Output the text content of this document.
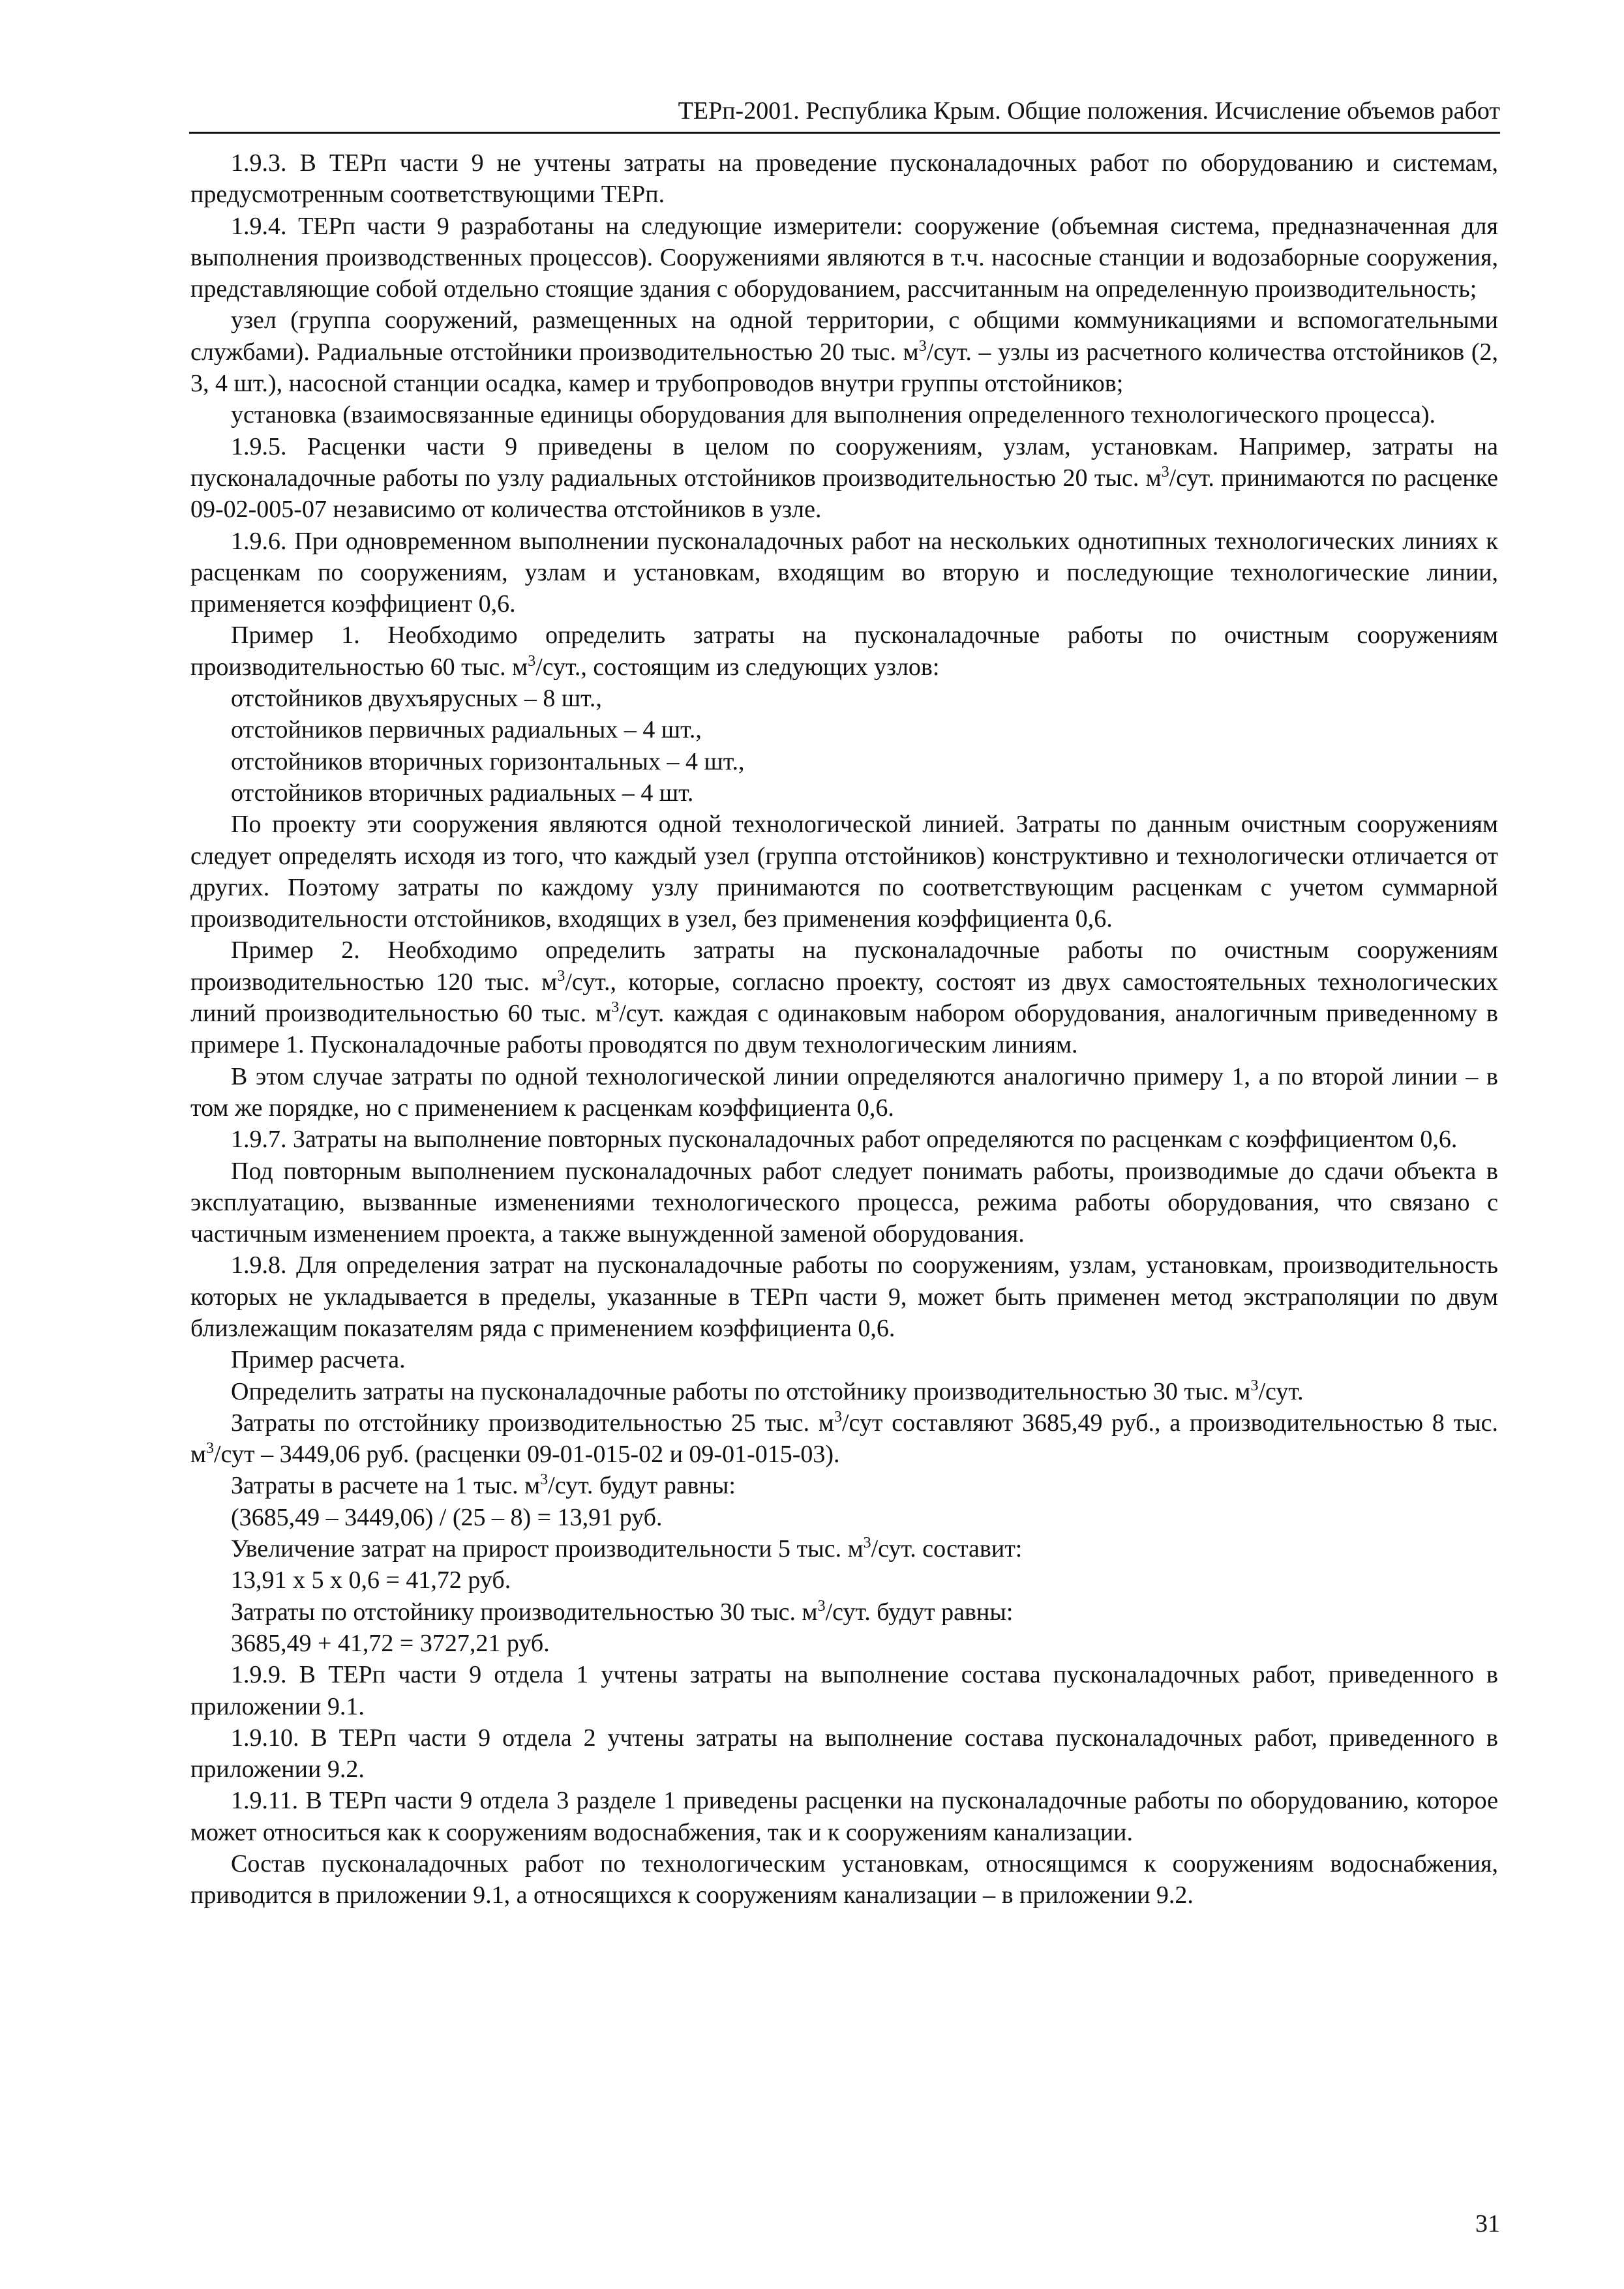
ТЕРп-2001. Республика Крым. Общие положения. Исчисление объемов работ

1.9.3. В ТЕРп части 9 не учтены затраты на проведение пусконаладочных работ по оборудованию и системам, предусмотренным соответствующими ТЕРп.

1.9.4. ТЕРп части 9 разработаны на следующие измерители: сооружение (объемная система, предназначенная для выполнения производственных процессов). Сооружениями являются в т.ч. насосные станции и водозаборные сооружения, представляющие собой отдельно стоящие здания с оборудованием, рассчитанным на определенную производительность;

узел (группа сооружений, размещенных на одной территории, с общими коммуникациями и вспомогательными службами). Радиальные отстойники производительностью 20 тыс. $м^3$/сут. – узлы из расчетного количества отстойников (2, 3, 4 шт.), насосной станции осадка, камер и трубопроводов внутри группы отстойников;

установка (взаимосвязанные единицы оборудования для выполнения определенного технологического процесса).

1.9.5. Расценки части 9 приведены в целом по сооружениям, узлам, установкам. Например, затраты на пусконаладочные работы по узлу радиальных отстойников производительностью 20 тыс. $м^3$/сут. принимаются по расценке 09-02-005-07 независимо от количества отстойников в узле.

1.9.6. При одновременном выполнении пусконаладочных работ на нескольких однотипных технологических линиях к расценкам по сооружениям, узлам и установкам, входящим во вторую и последующие технологические линии, применяется коэффициент 0,6.

Пример 1. Необходимо определить затраты на пусконаладочные работы по очистным сооружениям производительностью 60 тыс. $м^3$/сут., состоящим из следующих узлов:

отстойников двухъярусных – 8 шт.,

отстойников первичных радиальных – 4 шт.,

отстойников вторичных горизонтальных – 4 шт.,

отстойников вторичных радиальных – 4 шт.

По проекту эти сооружения являются одной технологической линией. Затраты по данным очистным сооружениям следует определять исходя из того, что каждый узел (группа отстойников) конструктивно и технологически отличается от других. Поэтому затраты по каждому узлу принимаются по соответствующим расценкам с учетом суммарной производительности отстойников, входящих в узел, без применения коэффициента 0,6.

Пример 2. Необходимо определить затраты на пусконаладочные работы по очистным сооружениям производительностью 120 тыс. $м^3$/сут., которые, согласно проекту, состоят из двух самостоятельных технологических линий производительностью 60 тыс. $м^3$/сут. каждая с одинаковым набором оборудования, аналогичным приведенному в примере 1. Пусконаладочные работы проводятся по двум технологическим линиям.

В этом случае затраты по одной технологической линии определяются аналогично примеру 1, а по второй линии – в том же порядке, но с применением к расценкам коэффициента 0,6.

1.9.7. Затраты на выполнение повторных пусконаладочных работ определяются по расценкам с коэффициентом 0,6.

Под повторным выполнением пусконаладочных работ следует понимать работы, производимые до сдачи объекта в эксплуатацию, вызванные изменениями технологического процесса, режима работы оборудования, что связано с частичным изменением проекта, а также вынужденной заменой оборудования.

1.9.8. Для определения затрат на пусконаладочные работы по сооружениям, узлам, установкам, производительность которых не укладывается в пределы, указанные в ТЕРп части 9, может быть применен метод экстраполяции по двум близлежащим показателям ряда с применением коэффициента 0,6.

Пример расчета.

Определить затраты на пусконаладочные работы по отстойнику производительностью 30 тыс. $м^3$/сут.

Затраты по отстойнику производительностью 25 тыс. $м^3$/сут составляют 3685,49 руб., а производительностью 8 тыс. $м^3$/сут – 3449,06 руб. (расценки 09-01-015-02 и 09-01-015-03).

Затраты в расчете на 1 тыс. $м^3$/сут. будут равны:

(3685,49 – 3449,06) / (25 – 8) = 13,91 руб.

Увеличение затрат на прирост производительности 5 тыс. $м^3$/сут. составит:

13,91 х 5 х 0,6 = 41,72 руб.

Затраты по отстойнику производительностью 30 тыс. $м^3$/сут. будут равны:

3685,49 + 41,72 = 3727,21 руб.

1.9.9. В ТЕРп части 9 отдела 1 учтены затраты на выполнение состава пусконаладочных работ, приведенного в приложении 9.1.

1.9.10. В ТЕРп части 9 отдела 2 учтены затраты на выполнение состава пусконаладочных работ, приведенного в приложении 9.2.

1.9.11. В ТЕРп части 9 отдела 3 разделе 1 приведены расценки на пусконаладочные работы по оборудованию, которое может относиться как к сооружениям водоснабжения, так и к сооружениям канализации.

Состав пусконаладочных работ по технологическим установкам, относящимся к сооружениям водоснабжения, приводится в приложении 9.1, а относящихся к сооружениям канализации – в приложении 9.2.

31
